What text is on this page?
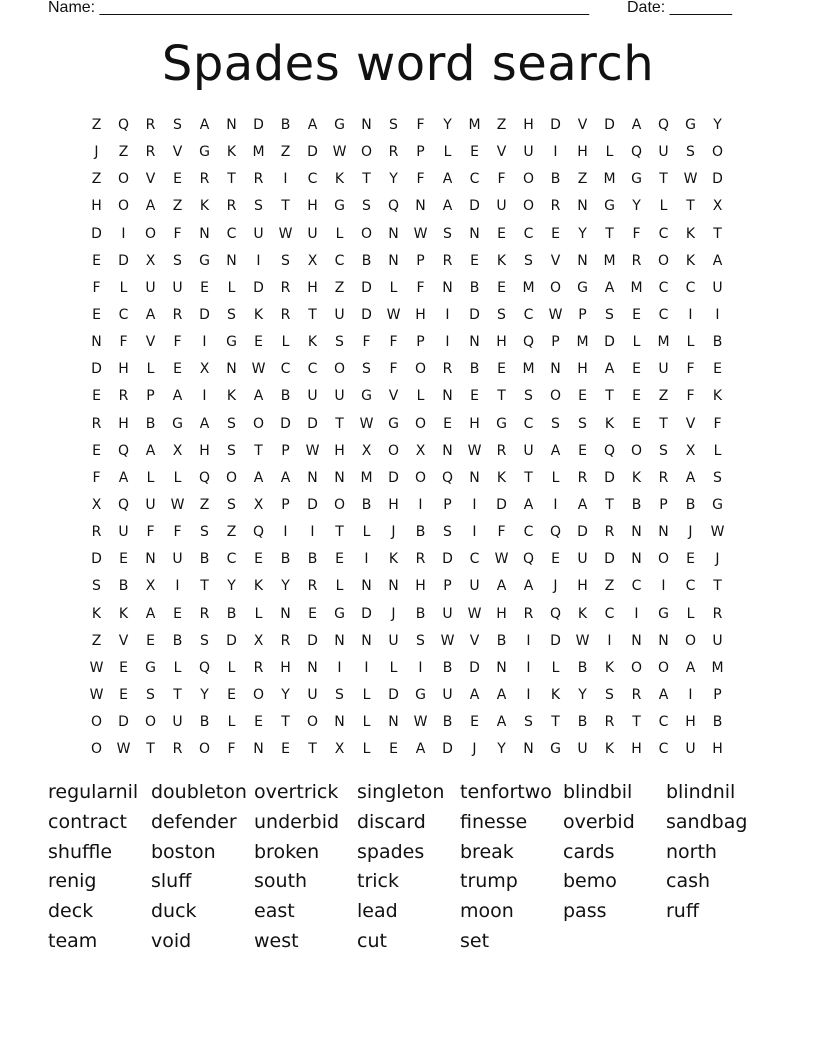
Name: _______________________________________________________ Date: _______
Spades word search
Z	Q	R	S	A	N	D	B	A	G	N	S	F	Y	M	Z	H	D	V	D	A	Q	G	Y
J	Z	R	V	G	K	M	Z	D	W	O	R	P	L	E	V	U	I	H	L	Q	U	S	O
Z	O	V	E	R	T	R	I	C	K	T	Y	F	A	C	F	O	B	Z	M	G	T	W	D
H	O	A	Z	K	R	S	T	H	G	S	Q	N	A	D	U	O	R	N	G	Y	L	T	X
D	I	O	F	N	C	U	W	U	L	O	N	W	S	N	E	C	E	Y	T	F	C	K	T
E	D	X	S	G	N	I	S	X	C	B	N	P	R	E	K	S	V	N	M	R	O	K	A
F	L	U	U	E	L	D	R	H	Z	D	L	F	N	B	E	M	O	G	A	M	C	C	U
E	C	A	R	D	S	K	R	T	U	D	W	H	I	D	S	C	W	P	S	E	C	I	I
N	F	V	F	I	G	E	L	K	S	F	F	P	I	N	H	Q	P	M	D	L	M	L	B
D	H	L	E	X	N	W	C	C	O	S	F	O	R	B	E	M	N	H	A	E	U	F	E
E	R	P	A	I	K	A	B	U	U	G	V	L	N	E	T	S	O	E	T	E	Z	F	K
R	H	B	G	A	S	O	D	D	T	W	G	O	E	H	G	C	S	S	K	E	T	V	F
E	Q	A	X	H	S	T	P	W	H	X	O	X	N	W	R	U	A	E	Q	O	S	X	L
F	A	L	L	Q	O	A	A	N	N	M	D	O	Q	N	K	T	L	R	D	K	R	A	S
X	Q	U	W	Z	S	X	P	D	O	B	H	I	P	I	D	A	I	A	T	B	P	B	G
R	U	F	F	S	Z	Q	I	I	T	L	J	B	S	I	F	C	Q	D	R	N	N	J	W
D	E	N	U	B	C	E	B	B	E	I	K	R	D	C	W	Q	E	U	D	N	O	E	J
S	B	X	I	T	Y	K	Y	R	L	N	N	H	P	U	A	A	J	H	Z	C	I	C	T
K	K	A	E	R	B	L	N	E	G	D	J	B	U	W	H	R	Q	K	C	I	G	L	R
Z	V	E	B	S	D	X	R	D	N	N	U	S	W	V	B	I	D	W	I	N	N	O	U
W	E	G	L	Q	L	R	H	N	I	I	L	I	B	D	N	I	L	B	K	O	O	A	M
W	E	S	T	Y	E	O	Y	U	S	L	D	G	U	A	A	I	K	Y	S	R	A	I	P
O	D	O	U	B	L	E	T	O	N	L	N	W	B	E	A	S	T	B	R	T	C	H	B
O	W	T	R	O	F	N	E	T	X	L	E	A	D	J	Y	N	G	U	K	H	C	U	H
regularnil doubleton overtrick singleton tenfortwo blindbil	blindnil
contract	defender underbid discard	finesse	overbid	sandbag
shuffle	boston	broken	spades	break	cards	north
renig	sluff	south	trick	trump	bemo	cash
deck	duck	east	lead	moon	pass	ruff
team	void	west	cut	set
